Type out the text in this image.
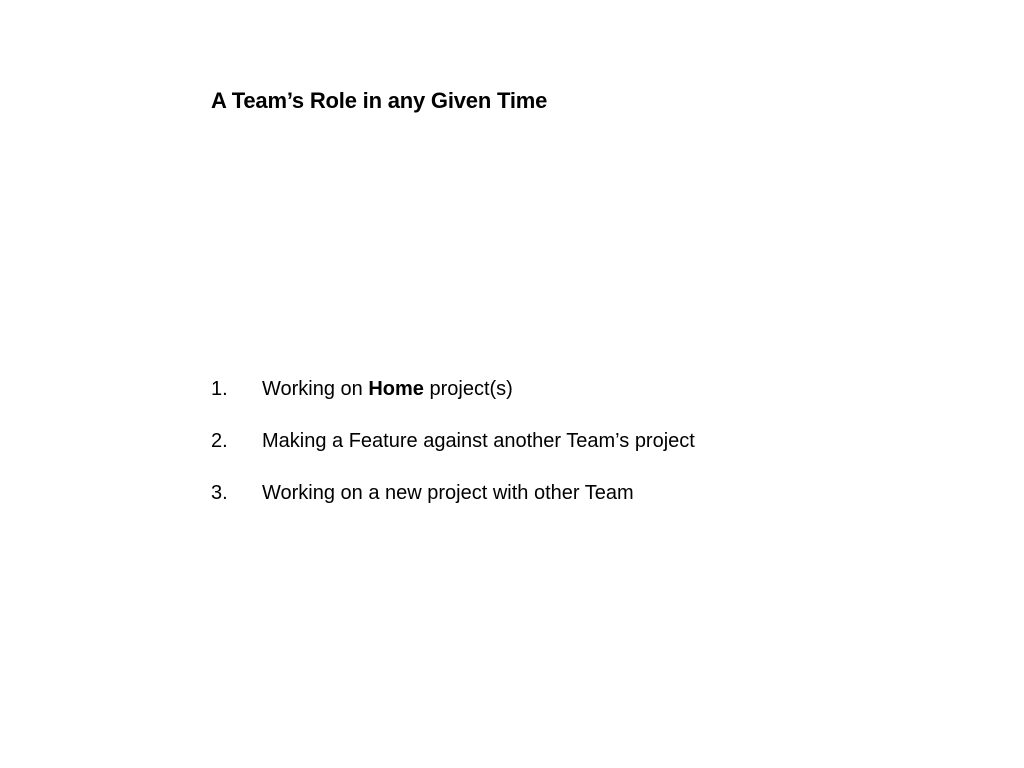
A Team’s Role in any Given Time
1.	Working on Home project(s)
2.	Making a Feature against another Team’s project
3.	Working on a new project with other Team
